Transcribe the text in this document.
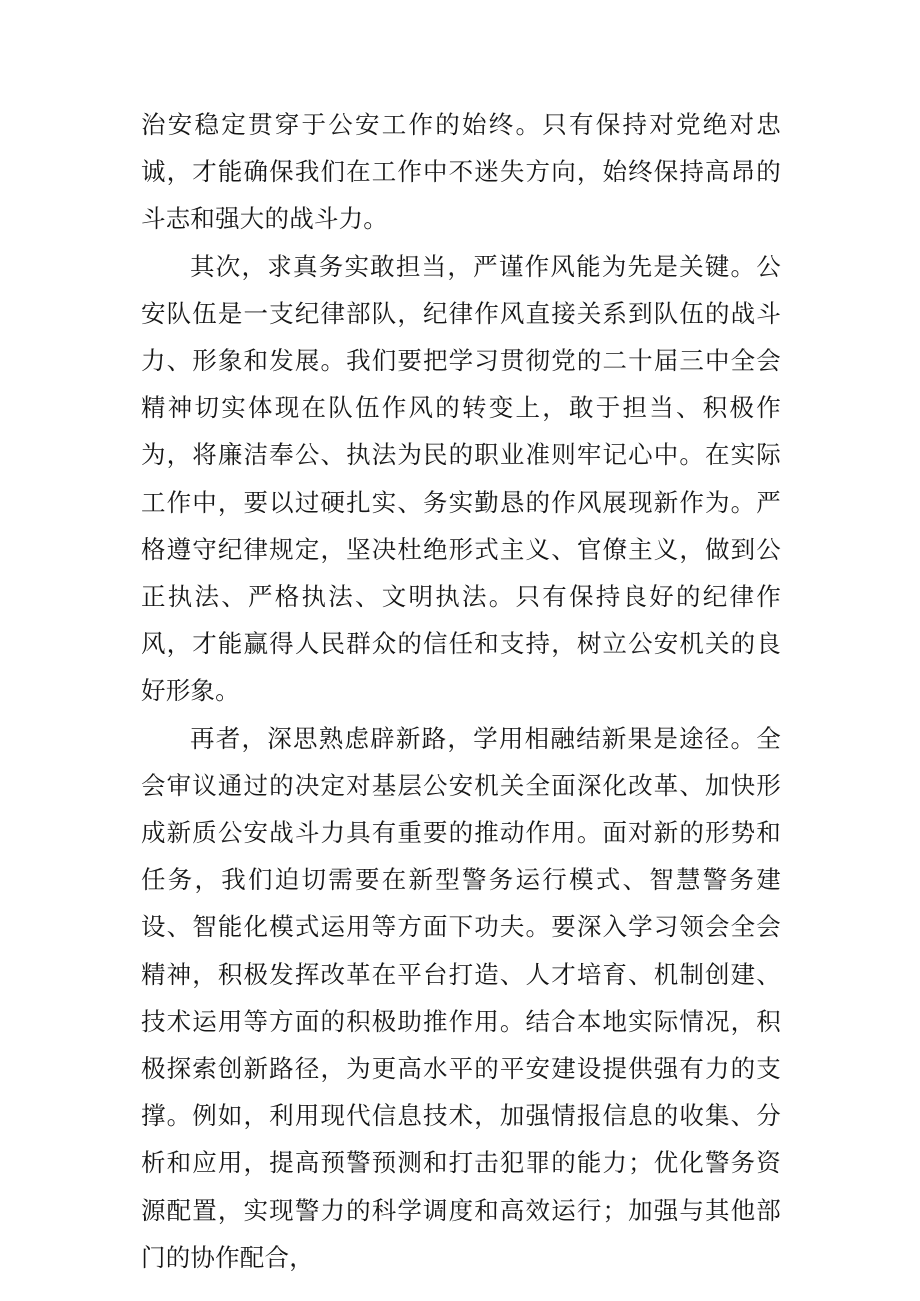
治安稳定贯穿于公安工作的始终。只有保持对党绝对忠诚，才能确保我们在工作中不迷失方向，始终保持高昂的斗志和强大的战斗力。

其次，求真务实敢担当，严谨作风能为先是关键。公安队伍是一支纪律部队，纪律作风直接关系到队伍的战斗力、形象和发展。我们要把学习贯彻党的二十届三中全会精神切实体现在队伍作风的转变上，敢于担当、积极作为，将廉洁奉公、执法为民的职业准则牢记心中。在实际工作中，要以过硬扎实、务实勤恳的作风展现新作为。严格遵守纪律规定，坚决杜绝形式主义、官僚主义，做到公正执法、严格执法、文明执法。只有保持良好的纪律作风，才能赢得人民群众的信任和支持，树立公安机关的良好形象。

再者，深思熟虑辟新路，学用相融结新果是途径。全会审议通过的决定对基层公安机关全面深化改革、加快形成新质公安战斗力具有重要的推动作用。面对新的形势和任务，我们迫切需要在新型警务运行模式、智慧警务建设、智能化模式运用等方面下功夫。要深入学习领会全会精神，积极发挥改革在平台打造、人才培育、机制创建、技术运用等方面的积极助推作用。结合本地实际情况，积极探索创新路径，为更高水平的平安建设提供强有力的支撑。例如，利用现代信息技术，加强情报信息的收集、分析和应用，提高预警预测和打击犯罪的能力；优化警务资源配置，实现警力的科学调度和高效运行；加强与其他部门的协作配合，
